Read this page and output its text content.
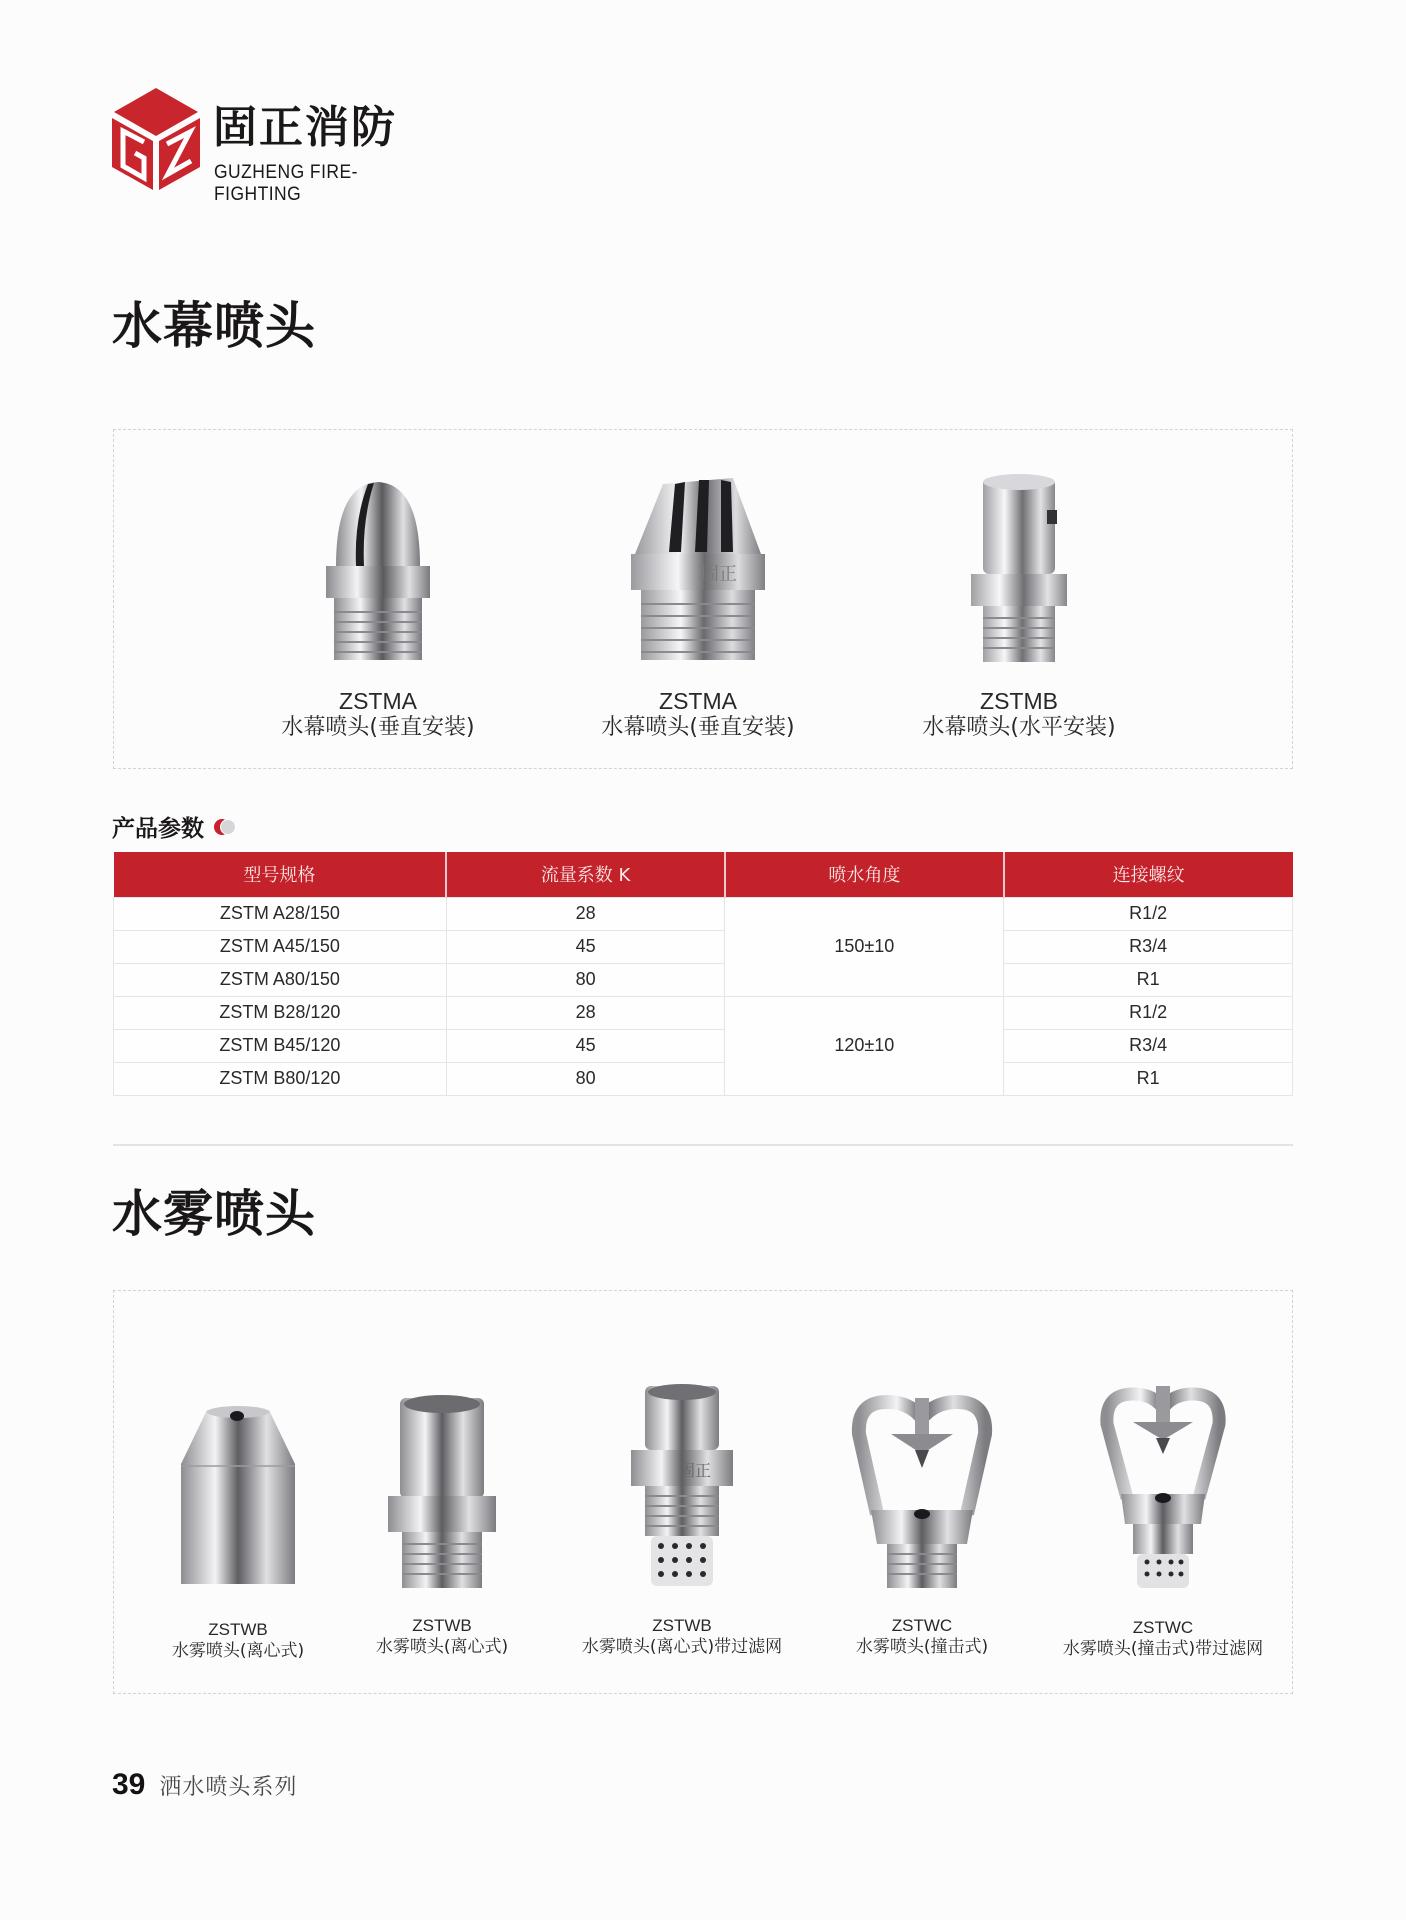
固正消防
GUZHENG FIRE-FIGHTING
水幕喷头
ZSTMA
水幕喷头(垂直安装)
固正
ZSTMA
水幕喷头(垂直安装)
ZSTMB
水幕喷头(水平安装)
产品参数
型号规格	流量系数 K	喷水角度	连接螺纹
ZSTM A28/150	28	150±10	R1/2
ZSTM A45/150	45		R3/4
ZSTM A80/150	80		R1
ZSTM B28/120	28	120±10	R1/2
ZSTM B45/120	45		R3/4
ZSTM B80/120	80		R1
水雾喷头
ZSTWB
水雾喷头(离心式)
ZSTWB
水雾喷头(离心式)
固正
ZSTWB
水雾喷头(离心式)带过滤网
ZSTWC
水雾喷头(撞击式)
ZSTWC
水雾喷头(撞击式)带过滤网
39 洒水喷头系列
